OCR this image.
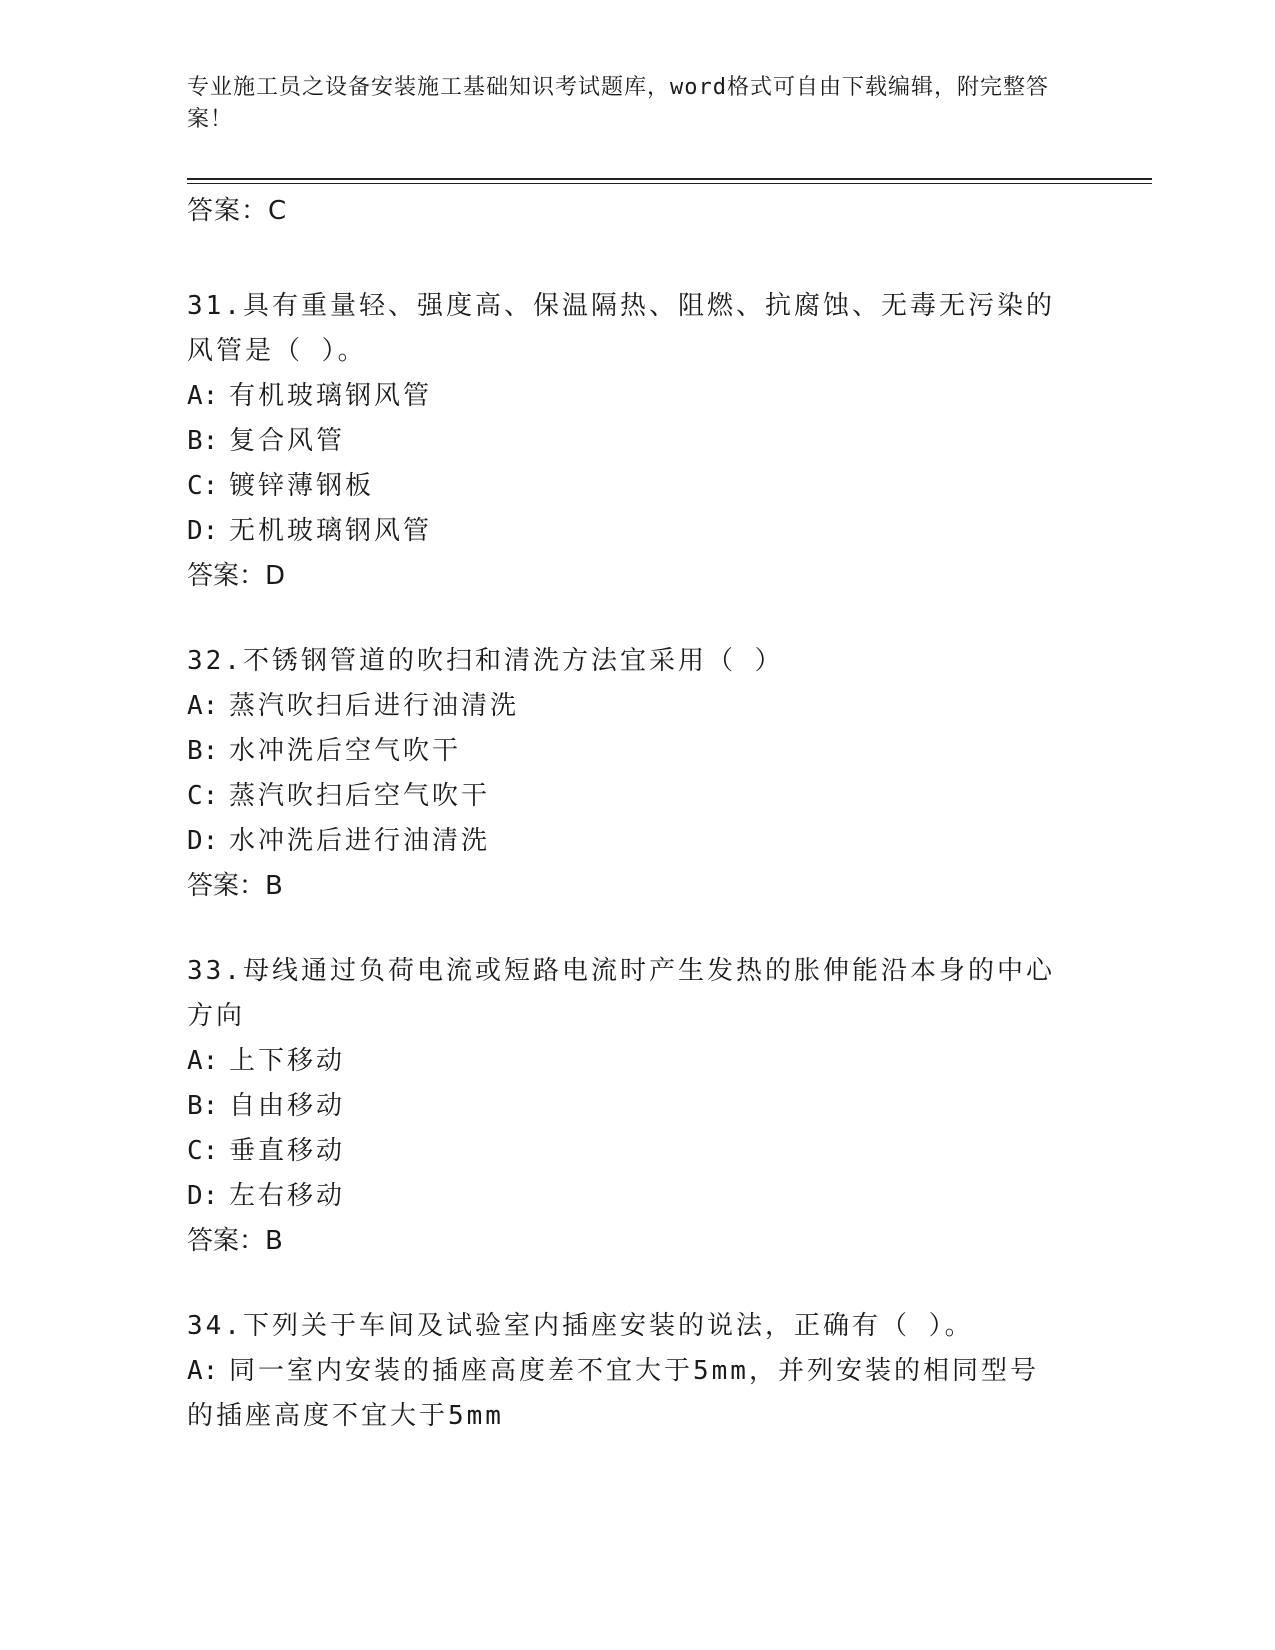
专业施工员之设备安装施工基础知识考试题库，word格式可自由下载编辑，附完整答案！
答案：C
31.具有重量轻、强度高、保温隔热、阻燃、抗腐蚀、无毒无污染的风管是（ ）。
A: 有机玻璃钢风管
B: 复合风管
C: 镀锌薄钢板
D: 无机玻璃钢风管
答案：D
32.不锈钢管道的吹扫和清洗方法宜采用（ ）
A: 蒸汽吹扫后进行油清洗
B: 水冲洗后空气吹干
C: 蒸汽吹扫后空气吹干
D: 水冲洗后进行油清洗
答案：B
33.母线通过负荷电流或短路电流时产生发热的胀伸能沿本身的中心方向
A: 上下移动
B: 自由移动
C: 垂直移动
D: 左右移动
答案：B
34.下列关于车间及试验室内插座安装的说法，正确有（ ）。
A: 同一室内安装的插座高度差不宜大于5mm，并列安装的相同型号的插座高度不宜大于5mm
